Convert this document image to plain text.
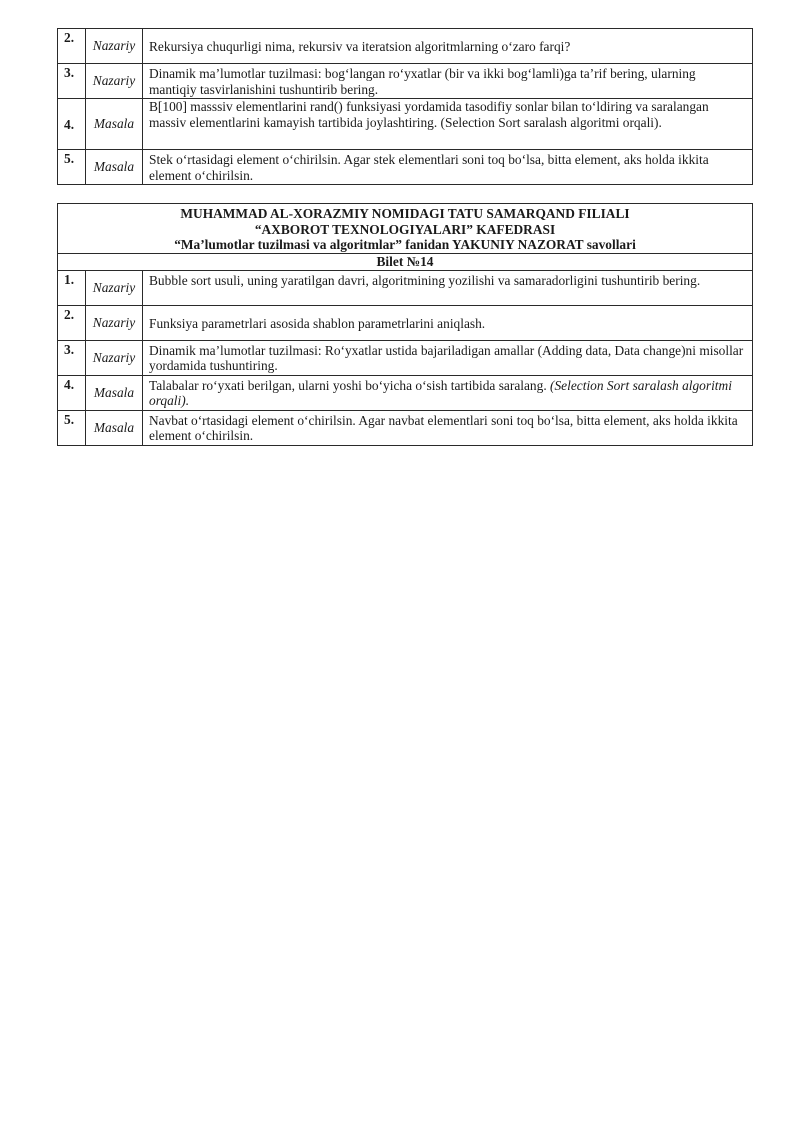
2.	Nazariy	Rekursiya chuqurligi nima, rekursiv va iteratsion algoritmlarning o‘zaro farqi?
3.	Nazariy	Dinamik ma’lumotlar tuzilmasi: bog‘langan ro‘yxatlar (bir va ikki bog‘lamli)ga ta’rif bering, ularning mantiqiy tasvirlanishini tushuntirib bering.
4.	Masala	B[100] masssiv elementlarini rand() funksiyasi yordamida tasodifiy sonlar bilan to‘ldiring va saralangan massiv elementlarini kamayish tartibida joylashtiring. (Selection Sort saralash algoritmi orqali).
5.	Masala	Stek o‘rtasidagi element o‘chirilsin. Agar stek elementlari soni toq bo‘lsa, bitta element, aks holda ikkita element o‘chirilsin.
MUHAMMAD AL-XORAZMIY NOMIDAGI TATU SAMARQAND FILIALI
“AXBOROT TEXNOLOGIYALARI” KAFEDRASI
“Ma’lumotlar tuzilmasi va algoritmlar” fanidan YAKUNIY NAZORAT savollari		

Bilet №14		
1.	Nazariy	Bubble sort usuli, uning yaratilgan davri, algoritmining yozilishi va samaradorligini tushuntirib bering.
2.	Nazariy	Funksiya parametrlari asosida shablon parametrlarini aniqlash.
3.	Nazariy	Dinamik ma’lumotlar tuzilmasi: Ro‘yxatlar ustida bajariladigan amallar (Adding data, Data change)ni misollar yordamida tushuntiring.
4.	Masala	Talabalar ro‘yxati berilgan, ularni yoshi bo‘yicha o‘sish tartibida saralang. (Selection Sort saralash algoritmi orqali).
5.	Masala	Navbat o‘rtasidagi element o‘chirilsin. Agar navbat elementlari soni toq bo‘lsa, bitta element, aks holda ikkita element o‘chirilsin.
